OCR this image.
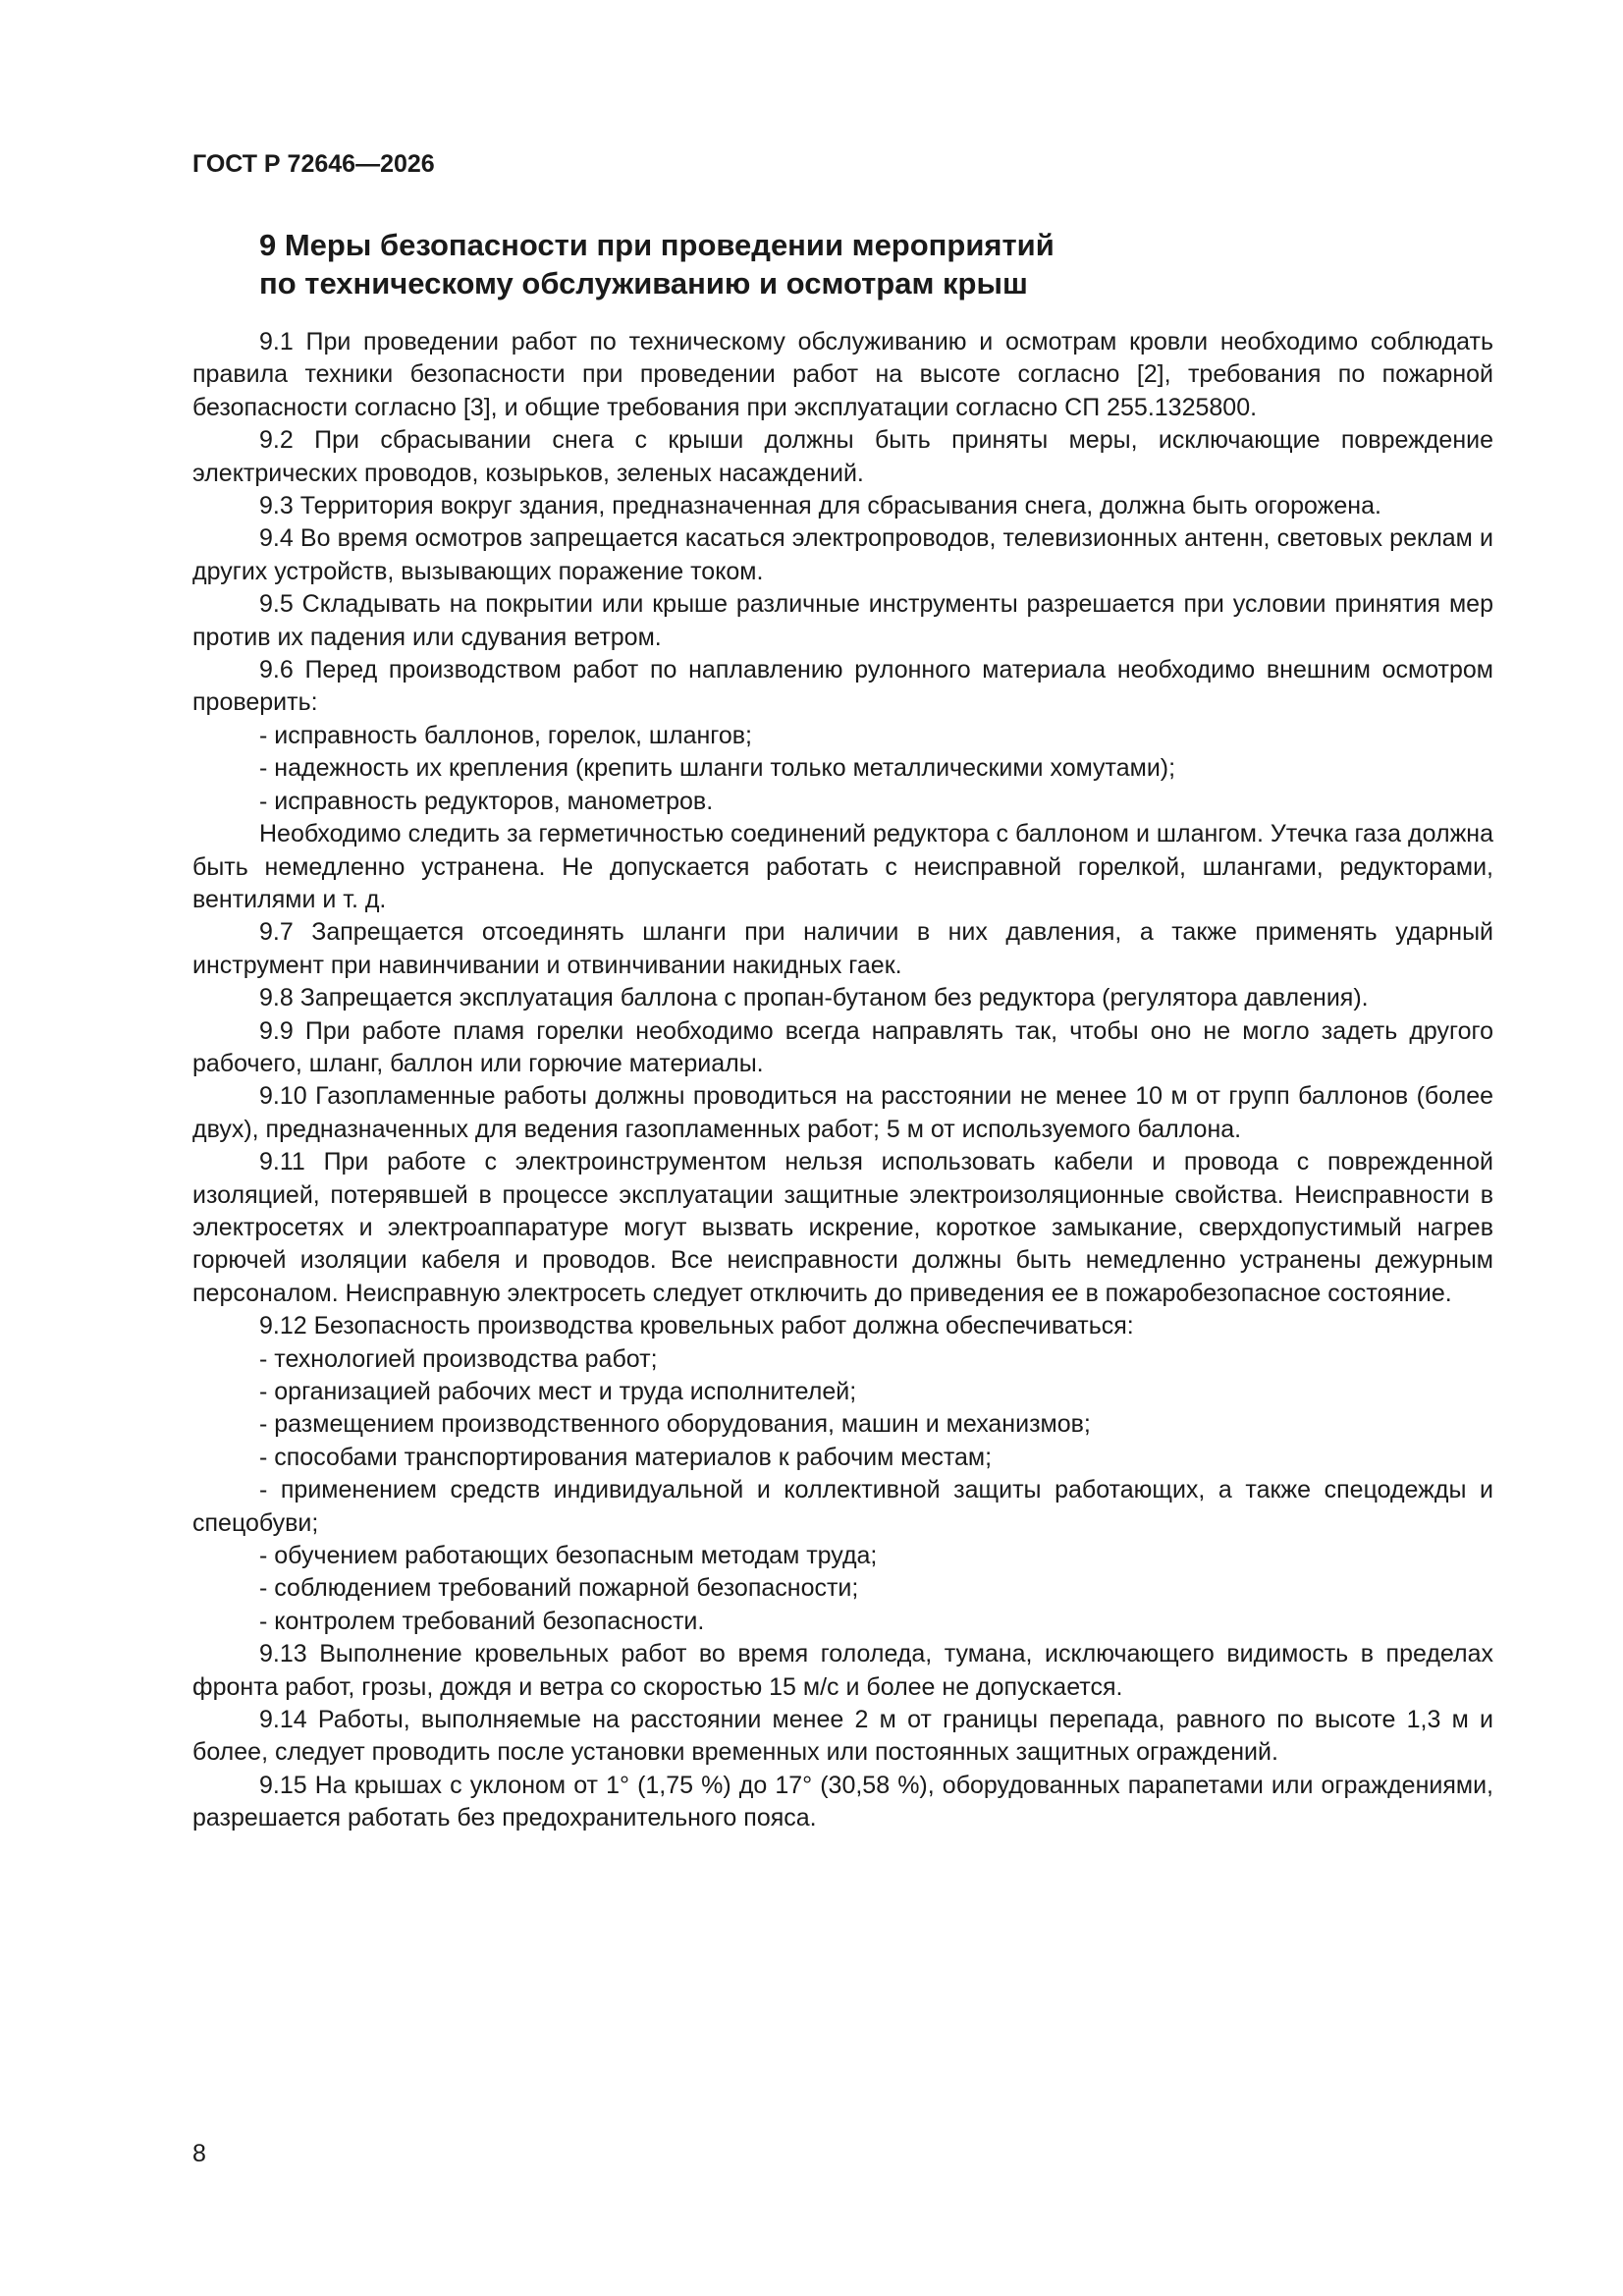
ГОСТ Р 72646—2026
9 Меры безопасности при проведении мероприятий
по техническому обслуживанию и осмотрам крыш

9.1 При проведении работ по техническому обслуживанию и осмотрам кровли необходимо соблюдать правила техники безопасности при проведении работ на высоте согласно [2], требования по пожарной безопасности согласно [3], и общие требования при эксплуатации согласно СП 255.1325800.

9.2 При сбрасывании снега с крыши должны быть приняты меры, исключающие повреждение электрических проводов, козырьков, зеленых насаждений.

9.3 Территория вокруг здания, предназначенная для сбрасывания снега, должна быть огорожена.

9.4 Во время осмотров запрещается касаться электропроводов, телевизионных антенн, световых реклам и других устройств, вызывающих поражение током.

9.5 Складывать на покрытии или крыше различные инструменты разрешается при условии принятия мер против их падения или сдувания ветром.

9.6 Перед производством работ по наплавлению рулонного материала необходимо внешним осмотром проверить:

- исправность баллонов, горелок, шлангов;

- надежность их крепления (крепить шланги только металлическими хомутами);

- исправность редукторов, манометров.

Необходимо следить за герметичностью соединений редуктора с баллоном и шлангом. Утечка газа должна быть немедленно устранена. Не допускается работать с неисправной горелкой, шлангами, редукторами, вентилями и т. д.

9.7 Запрещается отсоединять шланги при наличии в них давления, а также применять ударный инструмент при навинчивании и отвинчивании накидных гаек.

9.8 Запрещается эксплуатация баллона с пропан-бутаном без редуктора (регулятора давления).

9.9 При работе пламя горелки необходимо всегда направлять так, чтобы оно не могло задеть другого рабочего, шланг, баллон или горючие материалы.

9.10 Газопламенные работы должны проводиться на расстоянии не менее 10 м от групп баллонов (более двух), предназначенных для ведения газопламенных работ; 5 м от используемого баллона.

9.11 При работе с электроинструментом нельзя использовать кабели и провода с поврежденной изоляцией, потерявшей в процессе эксплуатации защитные электроизоляционные свойства. Неисправности в электросетях и электроаппаратуре могут вызвать искрение, короткое замыкание, сверхдопустимый нагрев горючей изоляции кабеля и проводов. Все неисправности должны быть немедленно устранены дежурным персоналом. Неисправную электросеть следует отключить до приведения ее в пожаробезопасное состояние.

9.12 Безопасность производства кровельных работ должна обеспечиваться:

- технологией производства работ;

- организацией рабочих мест и труда исполнителей;

- размещением производственного оборудования, машин и механизмов;

- способами транспортирования материалов к рабочим местам;

- применением средств индивидуальной и коллективной защиты работающих, а также спецодежды и спецобуви;

- обучением работающих безопасным методам труда;

- соблюдением требований пожарной безопасности;

- контролем требований безопасности.

9.13 Выполнение кровельных работ во время гололеда, тумана, исключающего видимость в пределах фронта работ, грозы, дождя и ветра со скоростью 15 м/с и более не допускается.

9.14 Работы, выполняемые на расстоянии менее 2 м от границы перепада, равного по высоте 1,3 м и более, следует проводить после установки временных или постоянных защитных ограждений.

9.15 На крышах с уклоном от 1° (1,75 %) до 17° (30,58 %), оборудованных парапетами или ограждениями, разрешается работать без предохранительного пояса.

8
